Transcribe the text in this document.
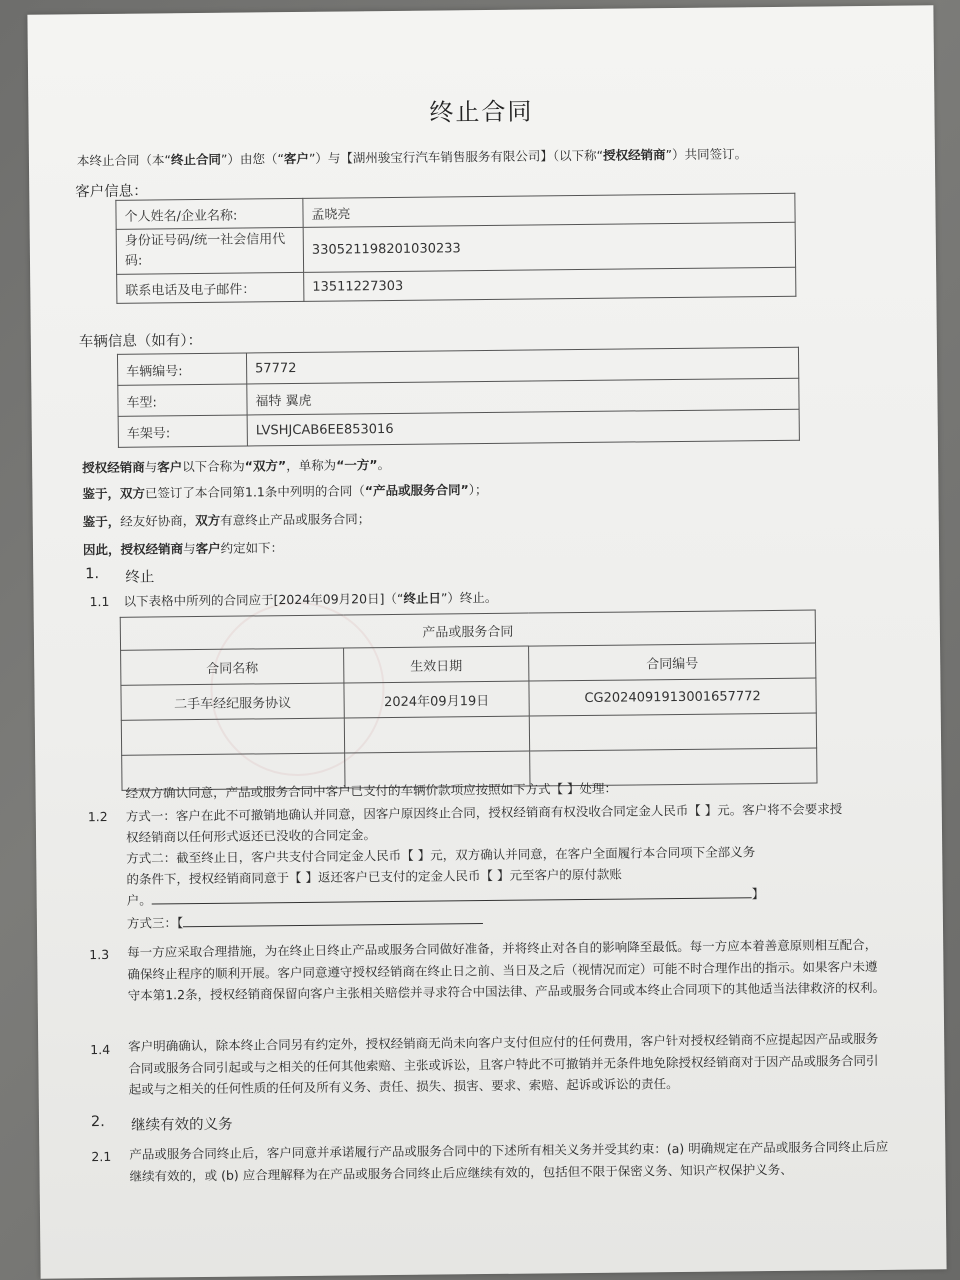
终止合同
本终止合同（本“终止合同”）由您（“客户”）与【湖州骏宝行汽车销售服务有限公司】（以下称“授权经销商”）共同签订。
客户信息：
个人姓名/企业名称:	孟晓亮
身份证号码/统一社会信用代码:	330521198201030233
联系电话及电子邮件：	13511227303
车辆信息（如有）：
车辆编号:	57772
车型:	福特 翼虎
车架号:	LVSHJCAB6EE853016
授权经销商与客户以下合称为“双方”，单称为“一方”。
鉴于，双方已签订了本合同第1.1条中列明的合同（“产品或服务合同”）；
鉴于，经友好协商，双方有意终止产品或服务合同；
因此，授权经销商与客户约定如下：
1. 终止
1.1 以下表格中所列的合同应于[2024年09月20日]（“终止日”）终止。
产品或服务合同		
合同名称	生效日期	合同编号
二手车经纪服务协议	2024年09月19日	CG2024091913001657772

经双方确认同意，产品或服务合同中客户已支付的车辆价款项应按照如下方式【 】处理：
1.2 方式一：客户在此不可撤销地确认并同意，因客户原因终止合同，授权经销商有权没收合同定金人民币【 】元。客户将不会要求授
权经销商以任何形式返还已没收的合同定金。
方式二：截至终止日，客户共支付合同定金人民币【 】元，双方确认并同意，在客户全面履行本合同项下全部义务
的条件下，授权经销商同意于【 】返还客户已支付的定金人民币【 】元至客户的原付款账
户。	】
方式三：【
1.3 每一方应采取合理措施，为在终止日终止产品或服务合同做好准备，并将终止对各自的影响降至最低。每一方应本着善意原则相互配合，确保终止程序的顺利开展。客户同意遵守授权经销商在终止日之前、当日及之后（视情况而定）可能不时合理作出的指示。如果客户未遵守本第1.2条，授权经销商保留向客户主张相关赔偿并寻求符合中国法律、产品或服务合同或本终止合同项下的其他适当法律救济的权利。
1.4 客户明确确认，除本终止合同另有约定外，授权经销商无尚未向客户支付但应付的任何费用，客户针对授权经销商不应提起因产品或服务合同或服务合同引起或与之相关的任何其他索赔、主张或诉讼，且客户特此不可撤销并无条件地免除授权经销商对于因产品或服务合同引起或与之相关的任何性质的任何及所有义务、责任、损失、损害、要求、索赔、起诉或诉讼的责任。
2. 继续有效的义务
2.1 产品或服务合同终止后，客户同意并承诺履行产品或服务合同中的下述所有相关义务并受其约束：(a) 明确规定在产品或服务合同终止后应继续有效的，或 (b) 应合理解释为在产品或服务合同终止后应继续有效的，包括但不限于保密义务、知识产权保护义务、
